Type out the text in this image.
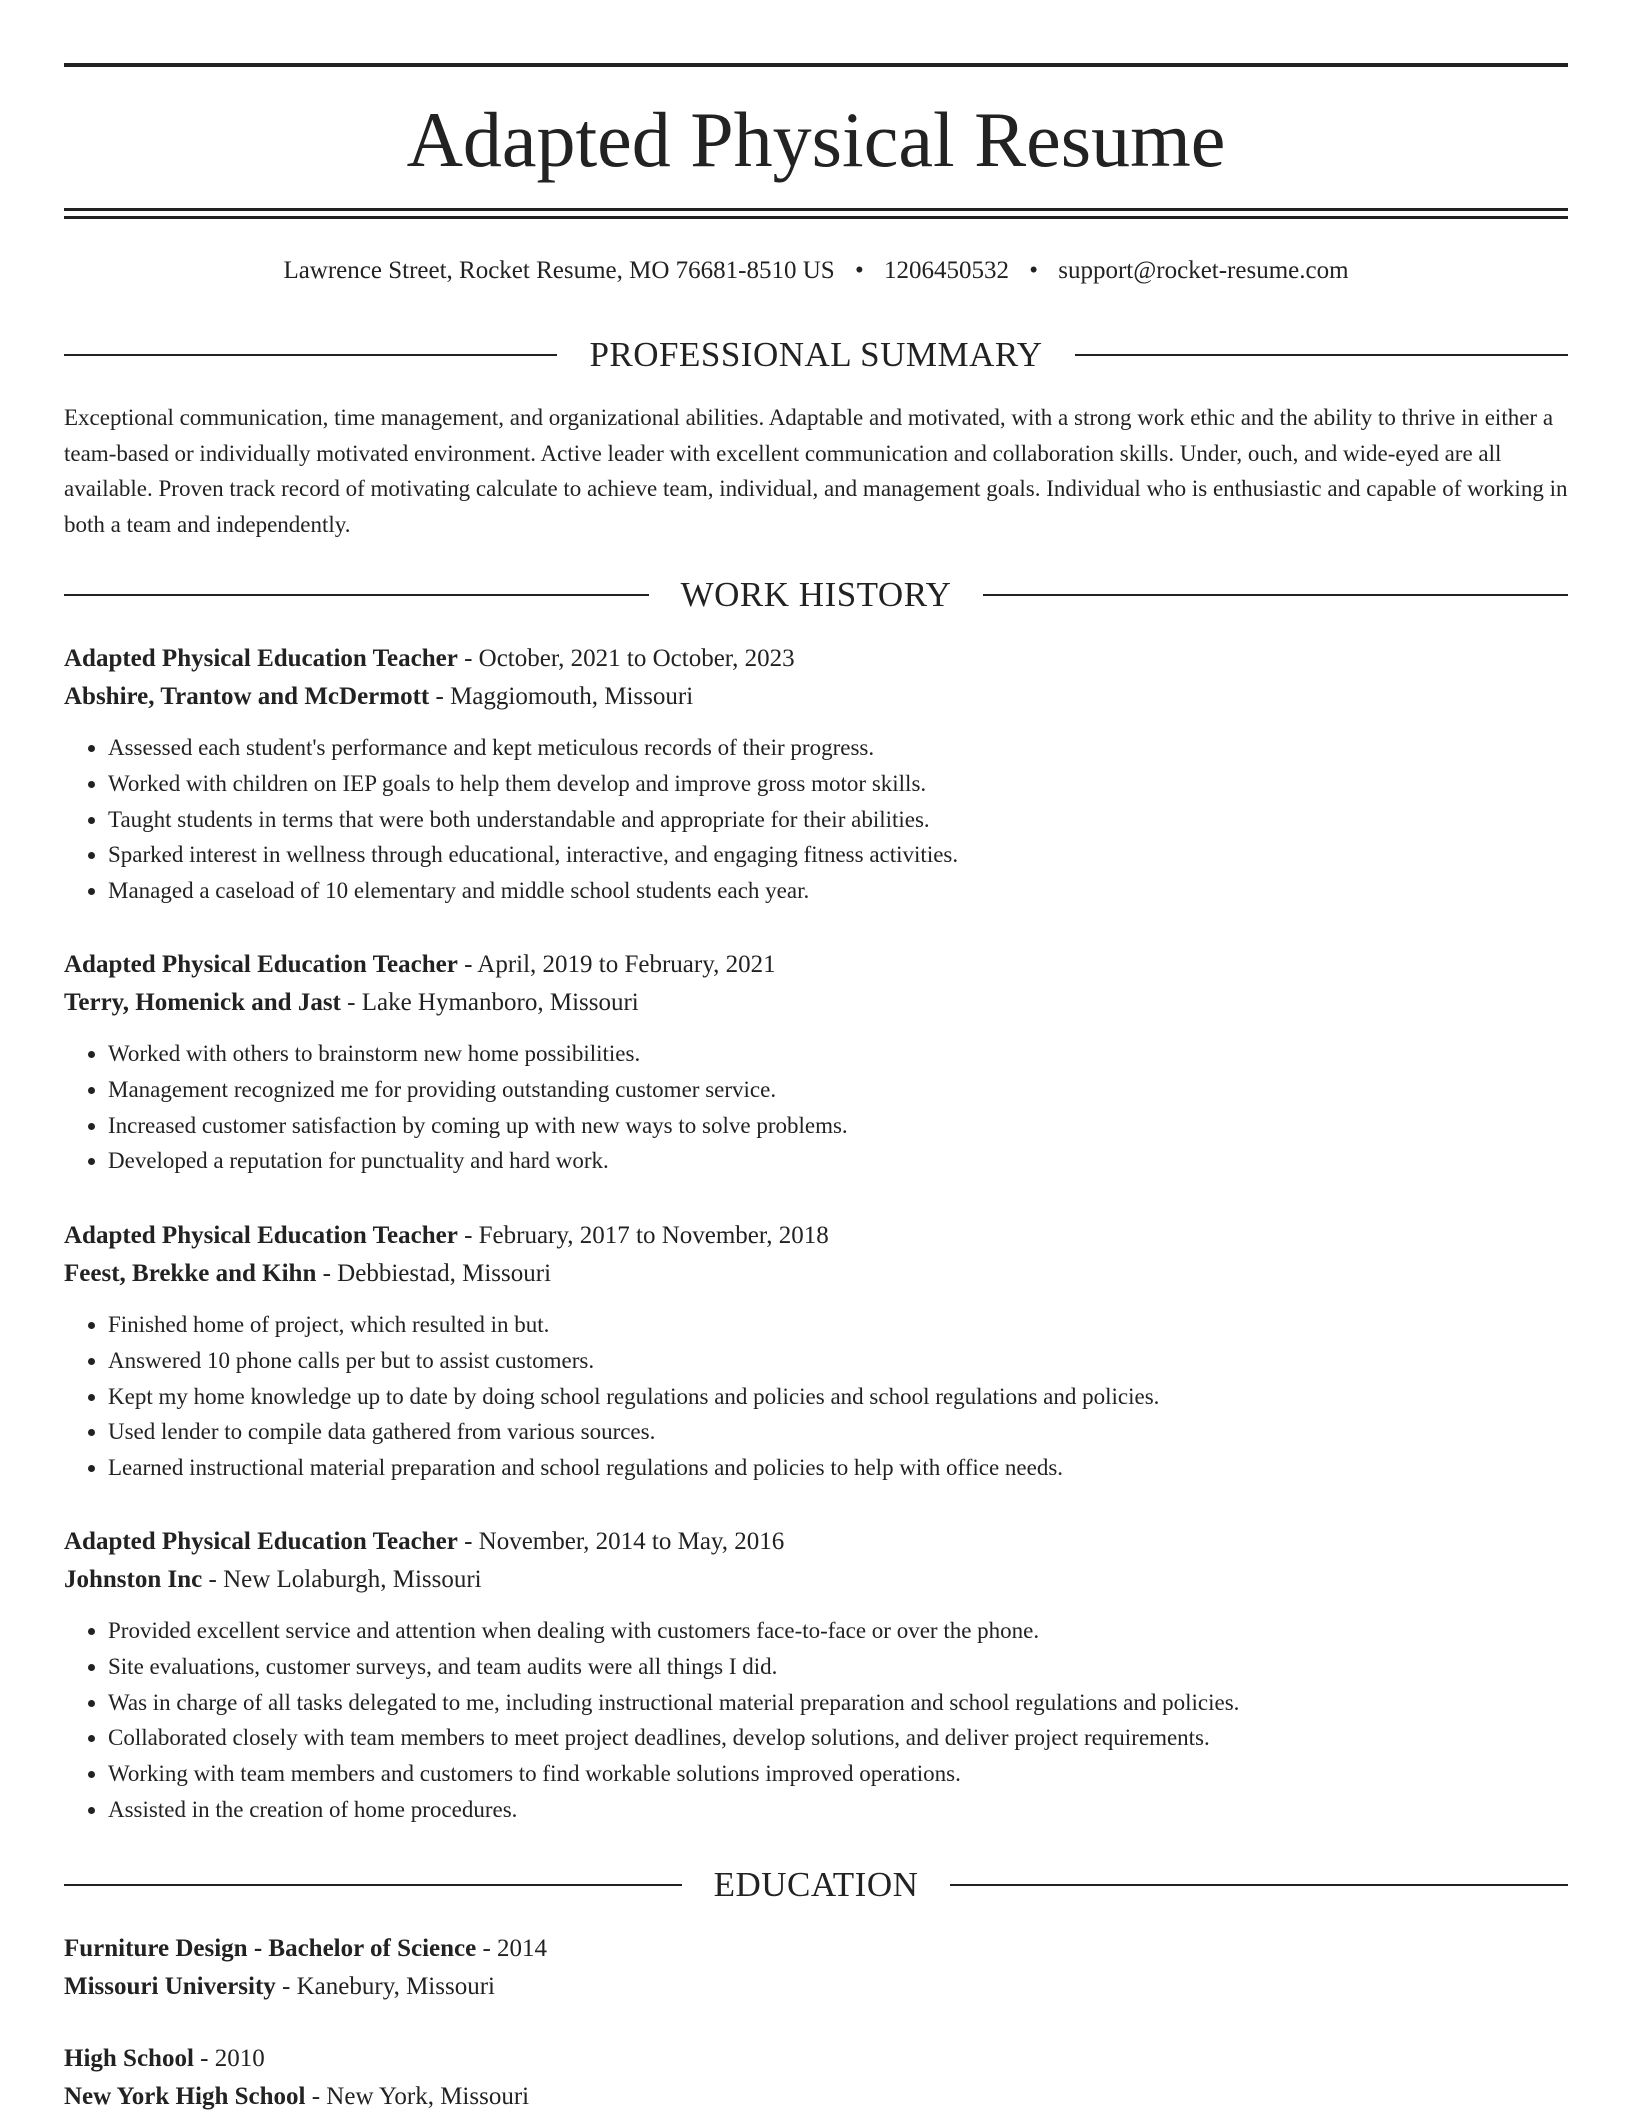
Adapted Physical Resume
Lawrence Street, Rocket Resume, MO 76681-8510 US • 1206450532 • support@rocket-resume.com
PROFESSIONAL SUMMARY

Exceptional communication, time management, and organizational abilities. Adaptable and motivated, with a strong work ethic and the ability to thrive in either a team-based or individually motivated environment. Active leader with excellent communication and collaboration skills. Under, ouch, and wide-eyed are all available. Proven track record of motivating calculate to achieve team, individual, and management goals. Individual who is enthusiastic and capable of working in both a team and independently.

WORK HISTORY
Adapted Physical Education Teacher - October, 2021 to October, 2023
Abshire, Trantow and McDermott - Maggiomouth, Missouri
• Assessed each student's performance and kept meticulous records of their progress.
• Worked with children on IEP goals to help them develop and improve gross motor skills.
• Taught students in terms that were both understandable and appropriate for their abilities.
• Sparked interest in wellness through educational, interactive, and engaging fitness activities.
• Managed a caseload of 10 elementary and middle school students each year.
Adapted Physical Education Teacher - April, 2019 to February, 2021
Terry, Homenick and Jast - Lake Hymanboro, Missouri
• Worked with others to brainstorm new home possibilities.
• Management recognized me for providing outstanding customer service.
• Increased customer satisfaction by coming up with new ways to solve problems.
• Developed a reputation for punctuality and hard work.
Adapted Physical Education Teacher - February, 2017 to November, 2018
Feest, Brekke and Kihn - Debbiestad, Missouri
• Finished home of project, which resulted in but.
• Answered 10 phone calls per but to assist customers.
• Kept my home knowledge up to date by doing school regulations and policies and school regulations and policies.
• Used lender to compile data gathered from various sources.
• Learned instructional material preparation and school regulations and policies to help with office needs.
Adapted Physical Education Teacher - November, 2014 to May, 2016
Johnston Inc - New Lolaburgh, Missouri
• Provided excellent service and attention when dealing with customers face-to-face or over the phone.
• Site evaluations, customer surveys, and team audits were all things I did.
• Was in charge of all tasks delegated to me, including instructional material preparation and school regulations and policies.
• Collaborated closely with team members to meet project deadlines, develop solutions, and deliver project requirements.
• Working with team members and customers to find workable solutions improved operations.
• Assisted in the creation of home procedures.
EDUCATION
Furniture Design - Bachelor of Science - 2014
Missouri University - Kanebury, Missouri
High School - 2010
New York High School - New York, Missouri
